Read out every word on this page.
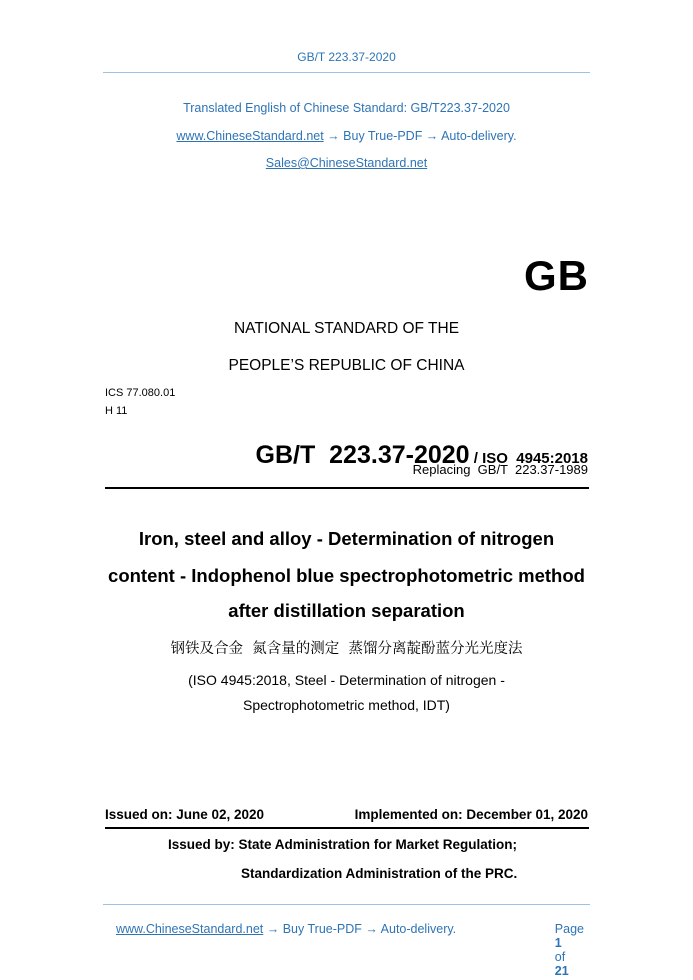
GB/T 223.37-2020
Translated English of Chinese Standard: GB/T223.37-2020
www.ChineseStandard.net → Buy True-PDF → Auto-delivery.
Sales@ChineseStandard.net
GB
NATIONAL STANDARD OF THE
PEOPLE’S REPUBLIC OF CHINA
ICS 77.080.01
H 11

GB/T  223.37-2020 / ISO  4945:2018

Replacing  GB/T  223.37-1989
Iron, steel and alloy - Determination of nitrogen
content - Indophenol blue spectrophotometric method
after distillation separation
钢铁及合金  氮含量的测定  蒸馏分离靛酚蓝分光光度法
(ISO 4945:2018, Steel - Determination of nitrogen -
Spectrophotometric method, IDT)
Issued on: June 02, 2020	Implemented on: December 01, 2020
Issued by: State Administration for Market Regulation;
Standardization Administration of the PRC.

www.ChineseStandard.net → Buy True-PDF → Auto-delivery.	Page
1
of
21
